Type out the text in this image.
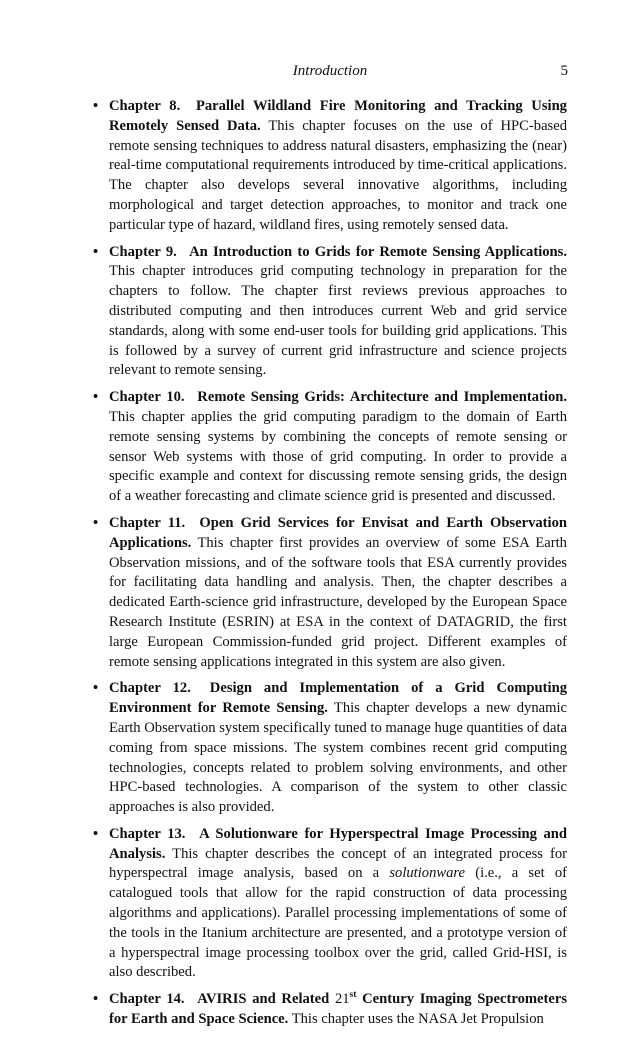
Introduction	5
• Chapter 8. Parallel Wildland Fire Monitoring and Tracking Using Remotely Sensed Data. This chapter focuses on the use of HPC-based remote sensing techniques to address natural disasters, emphasizing the (near) real-time computational requirements introduced by time-critical applications. The chapter also develops several innovative algorithms, including morphological and target detection approaches, to monitor and track one particular type of hazard, wildland fires, using remotely sensed data.
• Chapter 9. An Introduction to Grids for Remote Sensing Applications. This chapter introduces grid computing technology in preparation for the chapters to follow. The chapter first reviews previous approaches to distributed computing and then introduces current Web and grid service standards, along with some end-user tools for building grid applications. This is followed by a survey of current grid infrastructure and science projects relevant to remote sensing.
• Chapter 10. Remote Sensing Grids: Architecture and Implementation. This chapter applies the grid computing paradigm to the domain of Earth remote sensing systems by combining the concepts of remote sensing or sensor Web systems with those of grid computing. In order to provide a specific example and context for discussing remote sensing grids, the design of a weather forecasting and climate science grid is presented and discussed.
• Chapter 11. Open Grid Services for Envisat and Earth Observation Applications. This chapter first provides an overview of some ESA Earth Observation missions, and of the software tools that ESA currently provides for facilitating data handling and analysis. Then, the chapter describes a dedicated Earth-science grid infrastructure, developed by the European Space Research Institute (ESRIN) at ESA in the context of DATAGRID, the first large European Commission-funded grid project. Different examples of remote sensing applications integrated in this system are also given.
• Chapter 12. Design and Implementation of a Grid Computing Environment for Remote Sensing. This chapter develops a new dynamic Earth Observation system specifically tuned to manage huge quantities of data coming from space missions. The system combines recent grid computing technologies, concepts related to problem solving environments, and other HPC-based technologies. A comparison of the system to other classic approaches is also provided.
• Chapter 13. A Solutionware for Hyperspectral Image Processing and Analysis. This chapter describes the concept of an integrated process for hyperspectral image analysis, based on a solutionware (i.e., a set of catalogued tools that allow for the rapid construction of data processing algorithms and applications). Parallel processing implementations of some of the tools in the Itanium architecture are presented, and a prototype version of a hyperspectral image processing toolbox over the grid, called Grid-HSI, is also described.
• Chapter 14. AVIRIS and Related 21st Century Imaging Spectrometers for Earth and Space Science. This chapter uses the NASA Jet Propulsion
